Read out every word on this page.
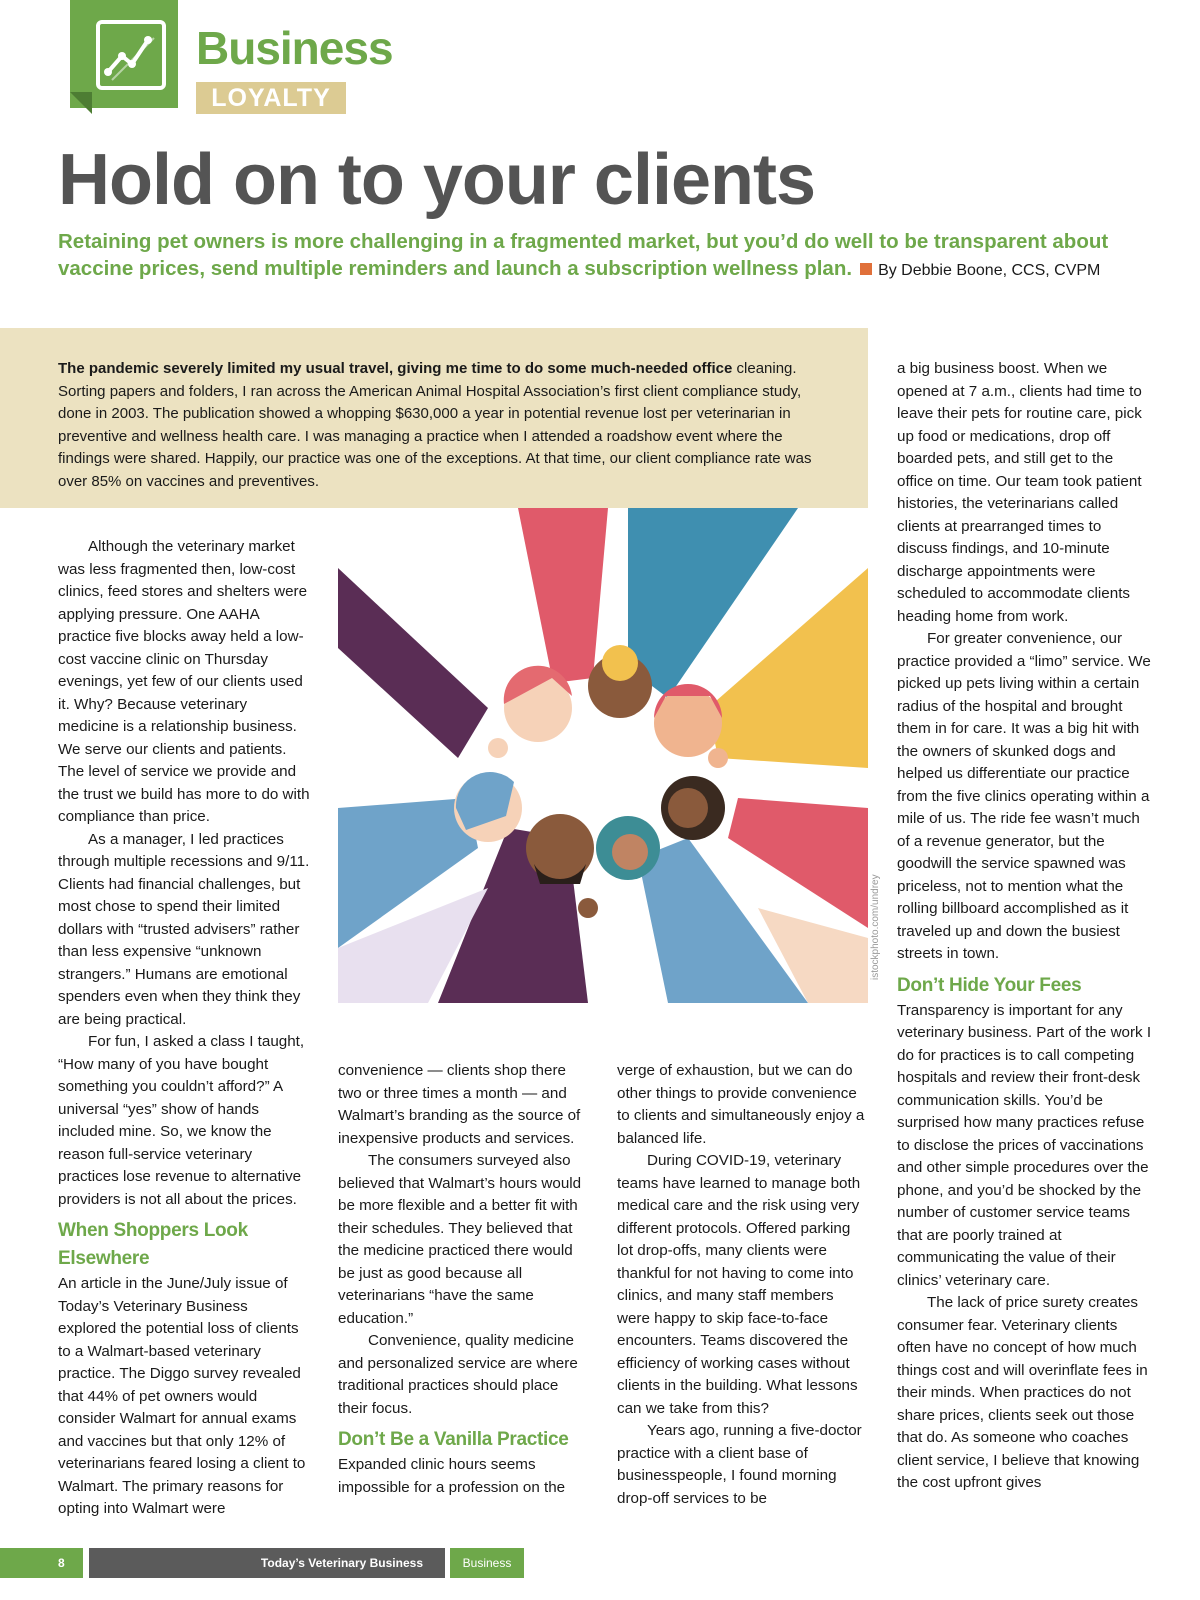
Business
LOYALTY
Hold on to your clients
Retaining pet owners is more challenging in a fragmented market, but you’d do well to be transparent about vaccine prices, send multiple reminders and launch a subscription wellness plan. By Debbie Boone, CCS, CVPM
The pandemic severely limited my usual travel, giving me time to do some much-needed office cleaning. Sorting papers and folders, I ran across the American Animal Hospital Association’s first client compliance study, done in 2003. The publication showed a whopping $630,000 a year in potential revenue lost per veterinarian in preventive and wellness health care. I was managing a practice when I attended a roadshow event where the findings were shared. Happily, our practice was one of the exceptions. At that time, our client compliance rate was over 85% on vaccines and preventives.

Although the veterinary market was less fragmented then, low-cost clinics, feed stores and shelters were applying pressure. One AAHA practice five blocks away held a low-cost vaccine clinic on Thursday evenings, yet few of our clients used it. Why? Because veterinary medicine is a relationship business. We serve our clients and patients. The level of service we provide and the trust we build has more to do with compliance than price.

As a manager, I led practices through multiple recessions and 9/11. Clients had financial challenges, but most chose to spend their limited dollars with “trusted advisers” rather than less expensive “unknown strangers.” Humans are emotional spenders even when they think they are being practical.

For fun, I asked a class I taught, “How many of you have bought something you couldn’t afford?” A universal “yes” show of hands included mine. So, we know the reason full-service veterinary practices lose revenue to alternative providers is not all about the prices.

When Shoppers Look Elsewhere

An article in the June/July issue of Today’s Veterinary Business explored the potential loss of clients to a Walmart-based veterinary practice. The Diggo survey revealed that 44% of pet owners would consider Walmart for annual exams and vaccines but that only 12% of veterinarians feared losing a client to Walmart. The primary reasons for opting into Walmart were

istockphoto.com/undrey

convenience — clients shop there two or three times a month — and Walmart’s branding as the source of inexpensive products and services.

The consumers surveyed also believed that Walmart’s hours would be more flexible and a better fit with their schedules. They believed that the medicine practiced there would be just as good because all veterinarians “have the same education.”

Convenience, quality medicine and personalized service are where traditional practices should place their focus.

Don’t Be a Vanilla Practice

Expanded clinic hours seems impossible for a profession on the

verge of exhaustion, but we can do other things to provide convenience to clients and simultaneously enjoy a balanced life.

During COVID-19, veterinary teams have learned to manage both medical care and the risk using very different protocols. Offered parking lot drop-offs, many clients were thankful for not having to come into clinics, and many staff members were happy to skip face-to-face encounters. Teams discovered the efficiency of working cases without clients in the building. What lessons can we take from this?

Years ago, running a five-doctor practice with a client base of businesspeople, I found morning drop-off services to be

a big business boost. When we opened at 7 a.m., clients had time to leave their pets for routine care, pick up food or medications, drop off boarded pets, and still get to the office on time. Our team took patient histories, the veterinarians called clients at prearranged times to discuss findings, and 10-minute discharge appointments were scheduled to accommodate clients heading home from work.

For greater convenience, our practice provided a “limo” service. We picked up pets living within a certain radius of the hospital and brought them in for care. It was a big hit with the owners of skunked dogs and helped us differentiate our practice from the five clinics operating within a mile of us. The ride fee wasn’t much of a revenue generator, but the goodwill the service spawned was priceless, not to mention what the rolling billboard accomplished as it traveled up and down the busiest streets in town.

Don’t Hide Your Fees

Transparency is important for any veterinary business. Part of the work I do for practices is to call competing hospitals and review their front-desk communication skills. You’d be surprised how many practices refuse to disclose the prices of vaccinations and other simple procedures over the phone, and you’d be shocked by the number of customer service teams that are poorly trained at communicating the value of their clinics’ veterinary care.

The lack of price surety creates consumer fear. Veterinary clients often have no concept of how much things cost and will overinflate fees in their minds. When practices do not share prices, clients seek out those that do. As someone who coaches client service, I believe that knowing the cost upfront gives

8	Today’s Veterinary Business	Business
